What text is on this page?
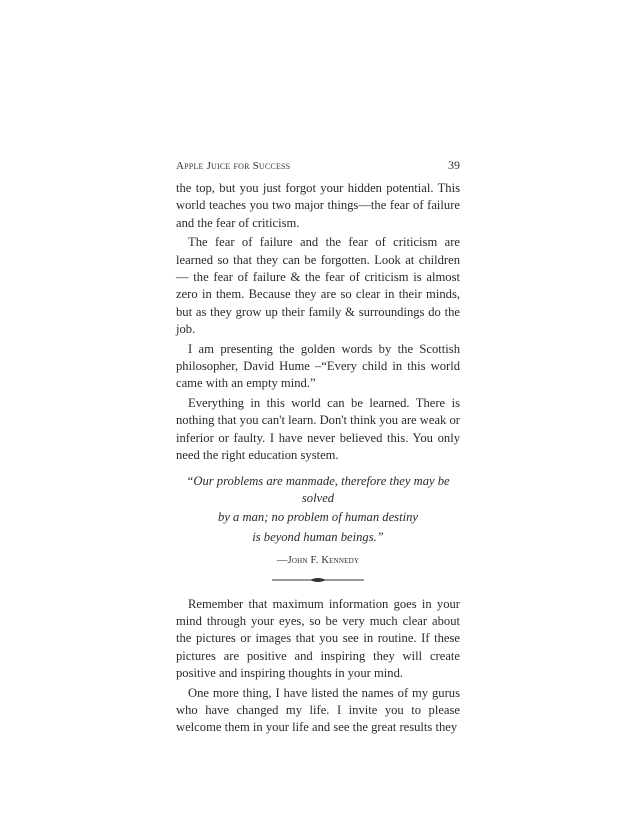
Apple Juice for Success	39

the top, but you just forgot your hidden potential. This world teaches you two major things—the fear of failure and the fear of criticism.

The fear of failure and the fear of criticism are learned so that they can be forgotten. Look at children — the fear of failure & the fear of criticism is almost zero in them. Because they are so clear in their minds, but as they grow up their family & surroundings do the job.

I am presenting the golden words by the Scottish philosopher, David Hume –“Every child in this world came with an empty mind.”

Everything in this world can be learned. There is nothing that you can't learn. Don't think you are weak or inferior or faulty. I have never believed this. You only need the right education system.

“Our problems are manmade, therefore they may be solved

by a man; no problem of human destiny

is beyond human beings.”

—John F. Kennedy

Remember that maximum information goes in your mind through your eyes, so be very much clear about the pictures or images that you see in routine. If these pictures are positive and inspiring they will create positive and inspiring thoughts in your mind.

One more thing, I have listed the names of my gurus who have changed my life. I invite you to please welcome them in your life and see the great results they
